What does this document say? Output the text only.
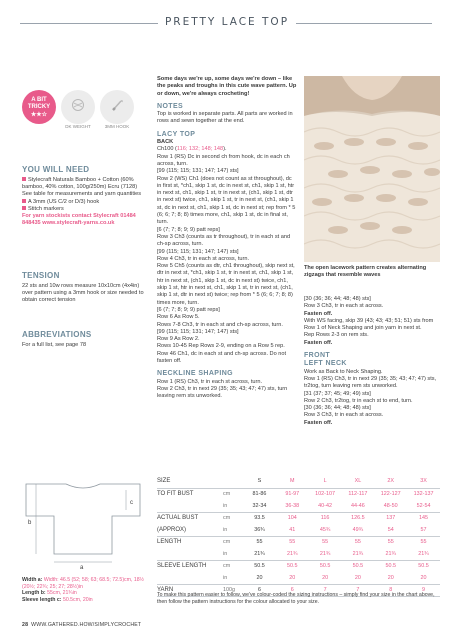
PRETTY LACE TOP
A BIT
TRICKY
★★☆
DK WEIGHT	3MM HOOK
YOU WILL NEED
Stylecraft Naturals Bamboo + Cotton (60% bamboo, 40% cotton, 100g/250m) Ecru (7128) See table for measurements and yarn quantities
A 3mm (US C/2 or D/3) hook
Stitch markers
For yarn stockists contact Stylecraft 01484 848435 www.stylecraft-yarns.co.uk
TENSION
22 sts and 10w rows measure 10x10cm (4x4in) over pattern using a 3mm hook or size needed to obtain correct tension
ABBREVIATIONS
For a full list, see page 78

Some days we're up, some days we're down – like the peaks and troughs in this cute wave pattern. Up or down, we're always crocheting!

NOTES

Top is worked in separate parts. All parts are worked in rows and sewn together at the end.

LACY TOP

BACK

Ch100 (116; 132; 148; 148).

Row 1 (RS) Dc in second ch from hook, dc in each ch across, turn.

[99 (115; 115; 131; 147; 147) sts]

Row 2 (WS) Ch1 (does not count as st throughout), dc in first st, *ch1, skip 1 st, dc in next st, ch1, skip 1 st, htr in next st, ch1, skip 1 st, tr in next st, (ch1, skip 1 st, dtr in next st) twice, ch1, skip 1 st, tr in next st, (ch1, skip 1 st, dc in next st, ch1, skip 1 st, dc in next st; rep from * 5 (6; 6; 7; 8; 8) times more, ch1, skip 1 st, dc in final st, turn.

[6 (7; 7; 8; 9; 9) patt reps]

Row 3 Ch3 (counts as tr throughout), tr in each st and ch-sp across, turn.

[99 (115; 115; 131; 147; 147) sts]

Row 4 Ch3, tr in each st across, turn.

Row 5 Ch5 (counts as dtr, ch1 throughout), skip next st, dtr in next st, *ch1, skip 1 st, tr in next st, ch1, skip 1 st, htr in next st, (ch1, skip 1 st, dc in next st) twice, ch1, skip 1 st, htr in next st, ch1, skip 1 st, tr in next st, (ch1, skip 1 st, dtr in next st) twice; rep from * 5 (6; 6; 7; 8; 8) times more, turn.

[6 (7; 7; 8; 9; 9) patt reps]

Row 6 As Row 5.

Rows 7-8 Ch3, tr in each st and ch-sp across, turn.

[99 (115; 115; 131; 147; 147) sts]

Row 9 As Row 2.

Rows 10-45 Rep Rows 2-9, ending on a Row 5 rep.

Row 46 Ch1, dc in each st and ch-sp across. Do not fasten off.

NECKLINE SHAPING

Row 1 (RS) Ch3, tr in each st across, turn.

Row 2 Ch3, tr in next 29 (35; 35; 43; 47; 47) sts, turn leaving rem sts unworked.

The open lacework pattern creates alternating zigzags that resemble waves

[30 (36; 36; 44; 48; 48) sts]

Row 3 Ch3, tr in each st across.

Fasten off.

With WS facing, skip 39 (43; 43; 43; 51; 51) sts from Row 1 of Neck Shaping and join yarn in next st.

Rep Rows 2-3 on rem sts.

Fasten off.

FRONT

LEFT NECK

Work as Back to Neck Shaping.

Row 1 (RS) Ch3, tr in next 29 (35; 35; 43; 47; 47) sts, tr2tog, turn leaving rem sts unworked.

[31 (37; 37; 45; 49; 49) sts]

Row 2 Ch3, tr2tog, tr in each st to end, turn.

[30 (36; 36; 44; 48; 48) sts]

Row 3 Ch3, tr in each st across.

Fasten off.

b
c
a
Width a: Width: 46.5 (52; 58; 63; 68.5; 72.5)cm, 18½ (20½; 22¾; 25; 27; 28½)in
Length b: 55cm, 21¾in
Sleeve length c: 50.5cm, 20in
SIZE		S	M	L	XL	2X	3X
TO FIT BUST	cm	81-86	91-97	102-107	112-117	122-127	132-137
	in	32-34	36-38	40-42	44-46	48-50	52-54
ACTUAL BUST	cm	93.5	104	116	126.5	137	145
(APPROX)	in	36¾	41	45¾	49¾	54	57
LENGTH	cm	55	55	55	55	55	55
	in	21¾	21¾	21¾	21¾	21¾	21¾
SLEEVE LENGTH	cm	50.5	50.5	50.5	50.5	50.5	50.5
	in	20	20	20	20	20	20
YARN	100g	6	6	7	7	8	9
To make this pattern easier to follow, we've colour-coded the sizing instructions – simply find your size in the chart above, then follow the pattern instructions for the colour allocated to your size.
28 WWW.GATHERED.HOW/SIMPLYCROCHET
